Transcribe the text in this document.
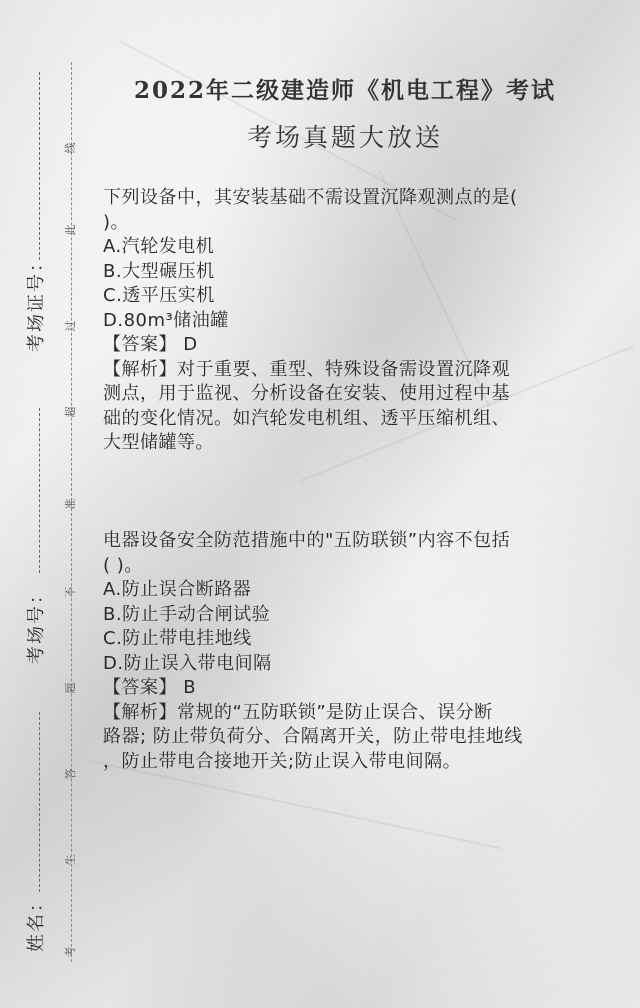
考场证号：
考场号：
姓名：
线
此
过
超
准
不
题
答
生
考
2022年二级建造师《机电工程》考试
考场真题大放送
下列设备中，其安装基础不需设置沉降观测点的是(
)。
A.汽轮发电机
B.大型碾压机
C.透平压实机
D.80m³储油罐
【答案】 D
【解析】对于重要、重型、特殊设备需设置沉降观
测点，用于监视、分析设备在安装、使用过程中基
础的变化情况。如汽轮发电机组、透平压缩机组、
大型储罐等。
电器设备安全防范措施中的"五防联锁”内容不包括
( )。
A.防止误合断路器
B.防止手动合闸试验
C.防止带电挂地线
D.防止误入带电间隔
【答案】 B
【解析】常规的“五防联锁”是防止误合、误分断
路器; 防止带负荷分、合隔离开关，防止带电挂地线
，防止带电合接地开关;防止误入带电间隔。
